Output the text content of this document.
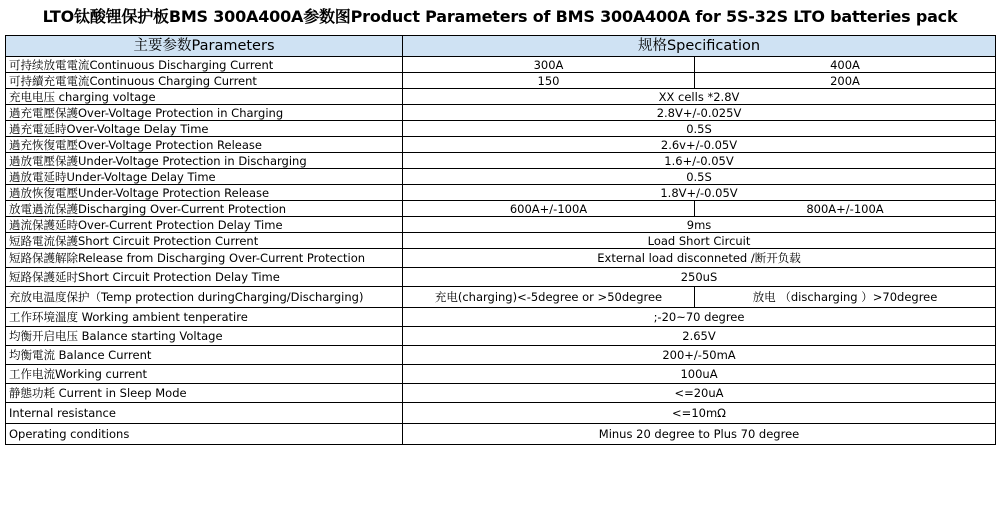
LTO钛酸锂保护板BMS 300A400A参数图Product Parameters of BMS 300A400A for 5S-32S LTO batteries pack
主要参数Parameters	规格Specification	
可持续放電電流Continuous Discharging Current	300A	400A
可持續充電電流Continuous Charging Current	150	200A
充电电压 charging voltage	XX cells *2.8V	
過充電壓保護Over-Voltage Protection in Charging	2.8V+/-0.025V	
過充電延時Over-Voltage Delay Time	0.5S	
過充恢復電壓Over-Voltage Protection Release	2.6v+/-0.05V	
過放電壓保護Under-Voltage Protection in Discharging	1.6+/-0.05V	
過放電延時Under-Voltage Delay Time	0.5S	
過放恢復電壓Under-Voltage Protection Release	1.8V+/-0.05V	
放電過流保護Discharging Over-Current Protection	600A+/-100A	800A+/-100A
過流保護延時Over-Current Protection Delay Time	9ms	
短路電流保護Short Circuit Protection Current	Load Short Circuit	
短路保護解除Release from Discharging Over-Current Protection	External load disconneted /断开负载	
短路保護延时Short Circuit Protection Delay Time	250uS	
充放电温度保护（Temp protection duringCharging/Discharging)	充电(charging)<-5degree or >50degree	放电 （discharging ）>70degree
工作环境溫度 Working ambient tenperatire	;-20~70 degree	
均衡开启电压 Balance starting Voltage	2.65V	
均衡電流 Balance Current	200+/-50mA	
工作电流Working current	100uA	
静態功耗 Current in Sleep Mode	<=20uA	
Internal resistance	<=10mΩ	
Operating conditions	Minus 20 degree to Plus 70 degree	
